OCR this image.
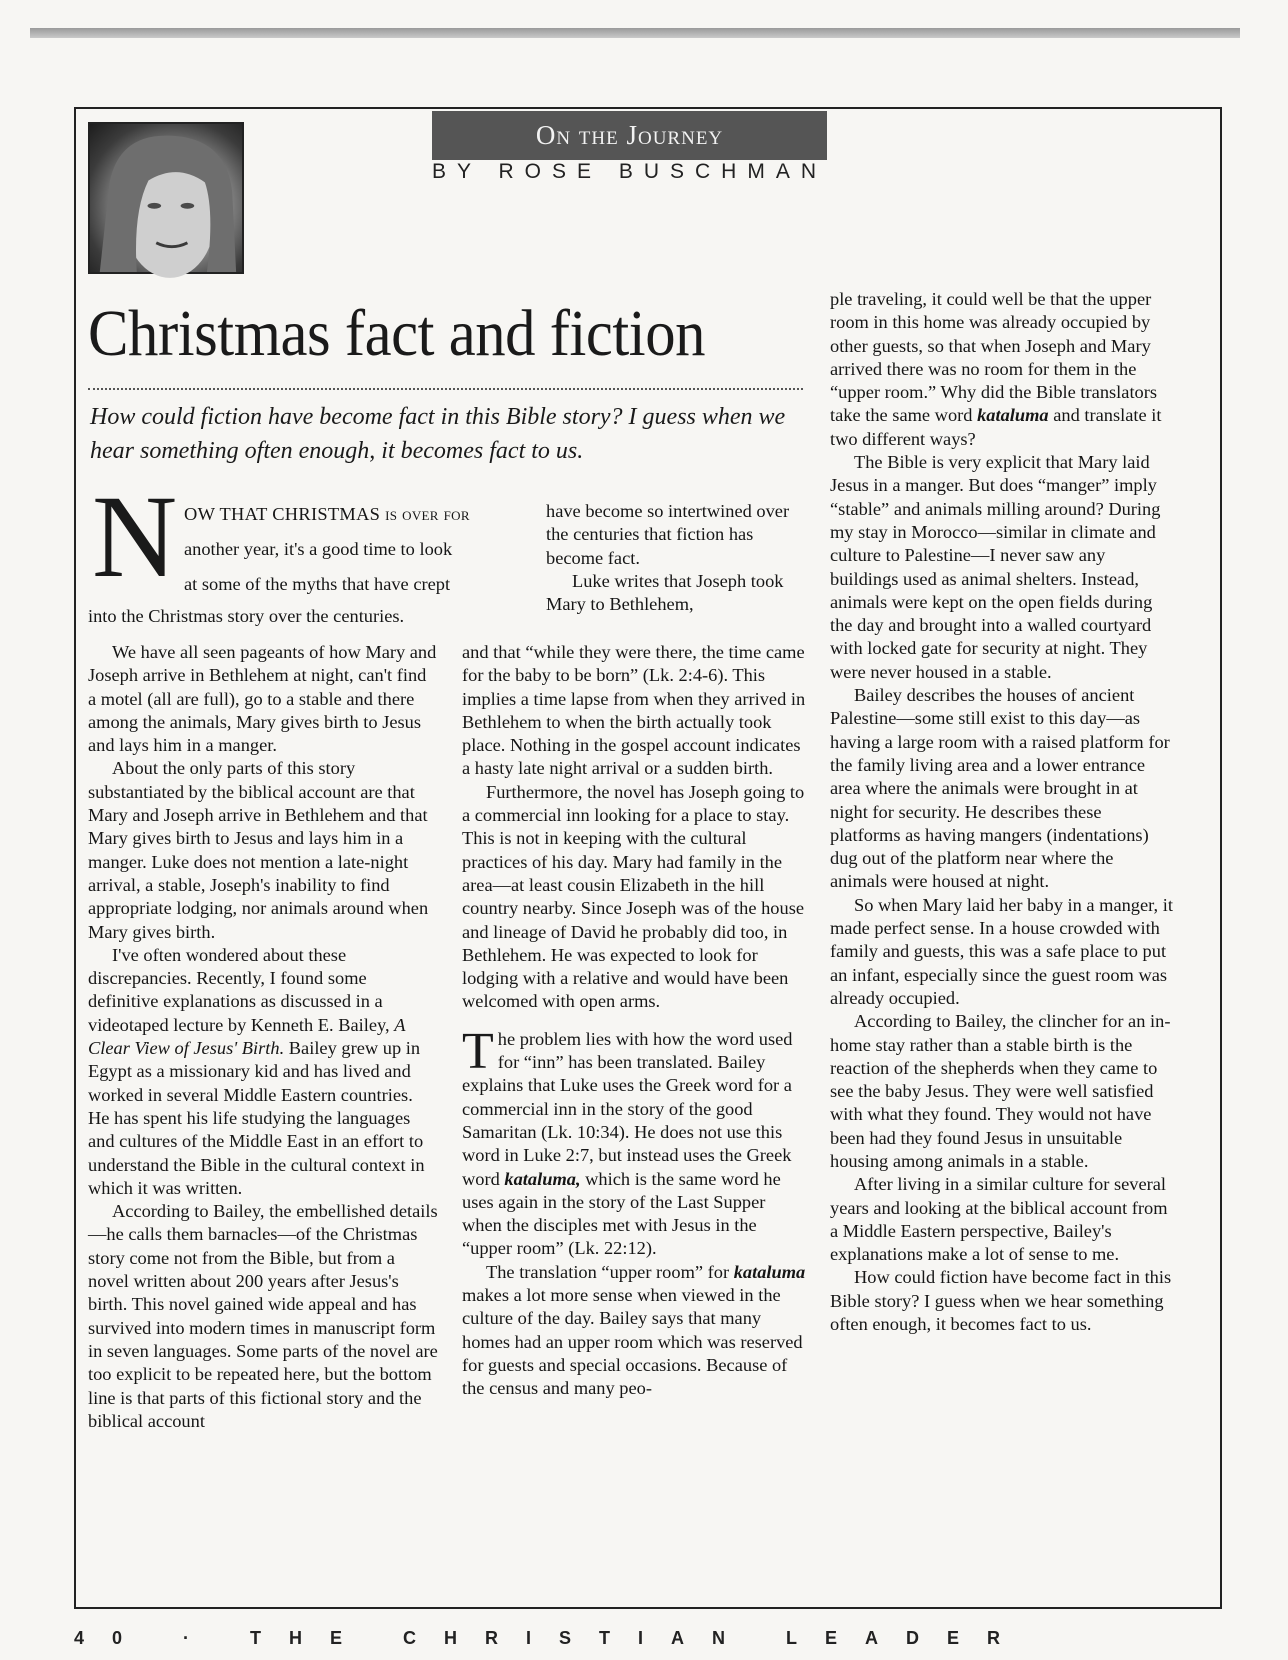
On the Journey
BY ROSE BUSCHMAN
Christmas fact and fiction
How could fiction have become fact in this Bible story? I guess when we hear something often enough, it becomes fact to us.
N OW THAT CHRISTMAS is over for
another year, it's a good time to look
at some of the myths that have crept
into the Christmas story over the centuries.

have become so intertwined over the centuries that fiction has become fact.

Luke writes that Joseph took Mary to Bethlehem,

We have all seen pageants of how Mary and Joseph arrive in Bethlehem at night, can't find a motel (all are full), go to a stable and there among the animals, Mary gives birth to Jesus and lays him in a manger.

About the only parts of this story substantiated by the biblical account are that Mary and Joseph arrive in Bethlehem and that Mary gives birth to Jesus and lays him in a manger. Luke does not mention a late-night arrival, a stable, Joseph's inability to find appropriate lodging, nor animals around when Mary gives birth.

I've often wondered about these discrepancies. Recently, I found some definitive explanations as discussed in a videotaped lecture by Kenneth E. Bailey, A Clear View of Jesus' Birth. Bailey grew up in Egypt as a missionary kid and has lived and worked in several Middle Eastern countries. He has spent his life studying the languages and cultures of the Middle East in an effort to understand the Bible in the cultural context in which it was written.

According to Bailey, the embellished details—he calls them barnacles—of the Christmas story come not from the Bible, but from a novel written about 200 years after Jesus's birth. This novel gained wide appeal and has survived into modern times in manuscript form in seven languages. Some parts of the novel are too explicit to be repeated here, but the bottom line is that parts of this fictional story and the biblical account

and that “while they were there, the time came for the baby to be born” (Lk. 2:4-6). This implies a time lapse from when they arrived in Bethlehem to when the birth actually took place. Nothing in the gospel account indicates a hasty late night arrival or a sudden birth.

Furthermore, the novel has Joseph going to a commercial inn looking for a place to stay. This is not in keeping with the cultural practices of his day. Mary had family in the area—at least cousin Elizabeth in the hill country nearby. Since Joseph was of the house and lineage of David he probably did too, in Bethlehem. He was expected to look for lodging with a relative and would have been welcomed with open arms.

The problem lies with how the word used for “inn” has been translated. Bailey explains that Luke uses the Greek word for a commercial inn in the story of the good Samaritan (Lk. 10:34). He does not use this word in Luke 2:7, but instead uses the Greek word kataluma, which is the same word he uses again in the story of the Last Supper when the disciples met with Jesus in the “upper room” (Lk. 22:12).

The translation “upper room” for kataluma makes a lot more sense when viewed in the culture of the day. Bailey says that many homes had an upper room which was reserved for guests and special occasions. Because of the census and many peo-

ple traveling, it could well be that the upper room in this home was already occupied by other guests, so that when Joseph and Mary arrived there was no room for them in the “upper room.” Why did the Bible translators take the same word kataluma and translate it two different ways?

The Bible is very explicit that Mary laid Jesus in a manger. But does “manger” imply “stable” and animals milling around? During my stay in Morocco—similar in climate and culture to Palestine—I never saw any buildings used as animal shelters. Instead, animals were kept on the open fields during the day and brought into a walled courtyard with locked gate for security at night. They were never housed in a stable.

Bailey describes the houses of ancient Palestine—some still exist to this day—as having a large room with a raised platform for the family living area and a lower entrance area where the animals were brought in at night for security. He describes these platforms as having mangers (indentations) dug out of the platform near where the animals were housed at night.

So when Mary laid her baby in a manger, it made perfect sense. In a house crowded with family and guests, this was a safe place to put an infant, especially since the guest room was already occupied.

According to Bailey, the clincher for an in-home stay rather than a stable birth is the reaction of the shepherds when they came to see the baby Jesus. They were well satisfied with what they found. They would not have been had they found Jesus in unsuitable housing among animals in a stable.

After living in a similar culture for several years and looking at the biblical account from a Middle Eastern perspective, Bailey's explanations make a lot of sense to me.

How could fiction have become fact in this Bible story? I guess when we hear something often enough, it becomes fact to us.

40 · THE CHRISTIAN LEADER
